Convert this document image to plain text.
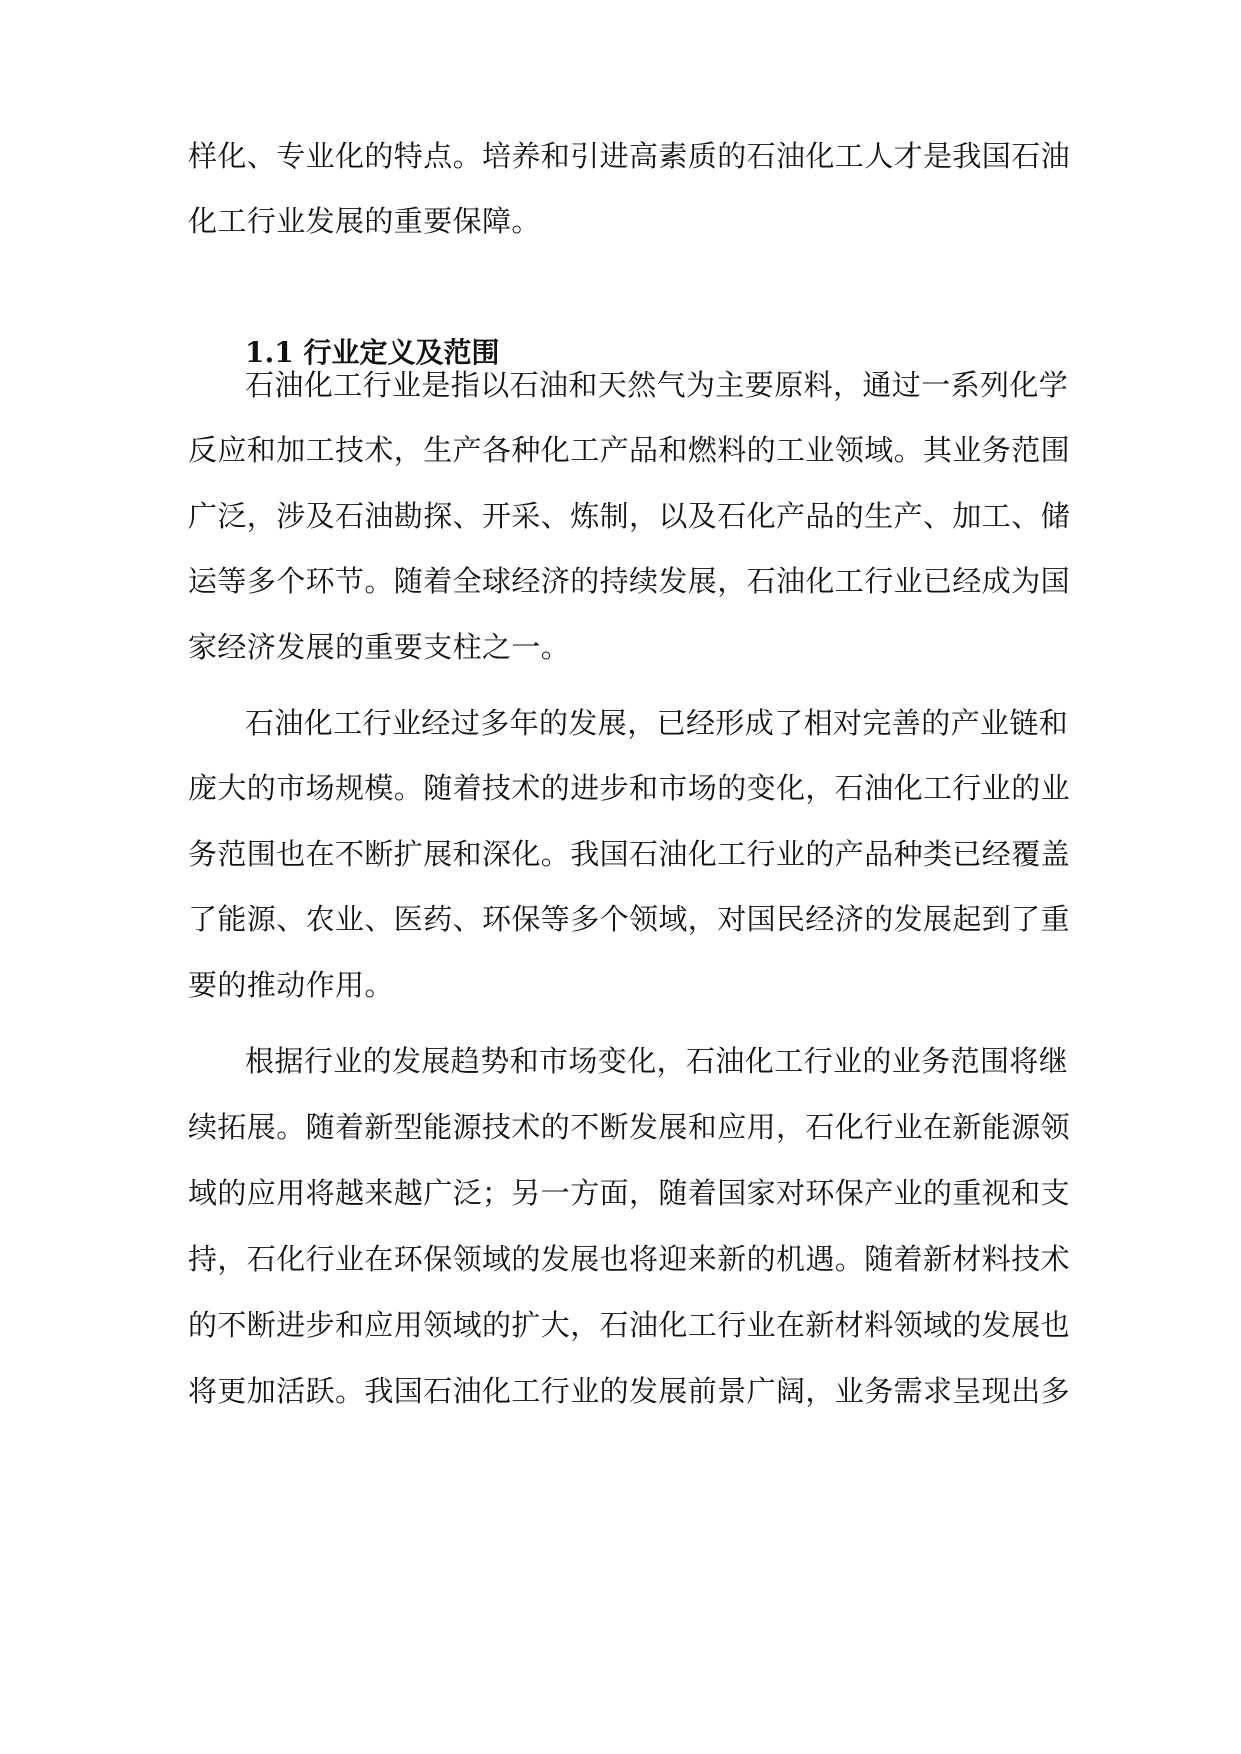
样化、专业化的特点。培养和引进高素质的石油化工人才是我国石油
化工行业发展的重要保障。
1.1 行业定义及范围
石油化工行业是指以石油和天然气为主要原料，通过一系列化学
反应和加工技术，生产各种化工产品和燃料的工业领域。其业务范围
广泛，涉及石油勘探、开采、炼制，以及石化产品的生产、加工、储
运等多个环节。随着全球经济的持续发展，石油化工行业已经成为国
家经济发展的重要支柱之一。
石油化工行业经过多年的发展，已经形成了相对完善的产业链和
庞大的市场规模。随着技术的进步和市场的变化，石油化工行业的业
务范围也在不断扩展和深化。我国石油化工行业的产品种类已经覆盖
了能源、农业、医药、环保等多个领域，对国民经济的发展起到了重
要的推动作用。
根据行业的发展趋势和市场变化，石油化工行业的业务范围将继
续拓展。随着新型能源技术的不断发展和应用，石化行业在新能源领
域的应用将越来越广泛；另一方面，随着国家对环保产业的重视和支
持，石化行业在环保领域的发展也将迎来新的机遇。随着新材料技术
的不断进步和应用领域的扩大，石油化工行业在新材料领域的发展也
将更加活跃。我国石油化工行业的发展前景广阔，业务需求呈现出多
